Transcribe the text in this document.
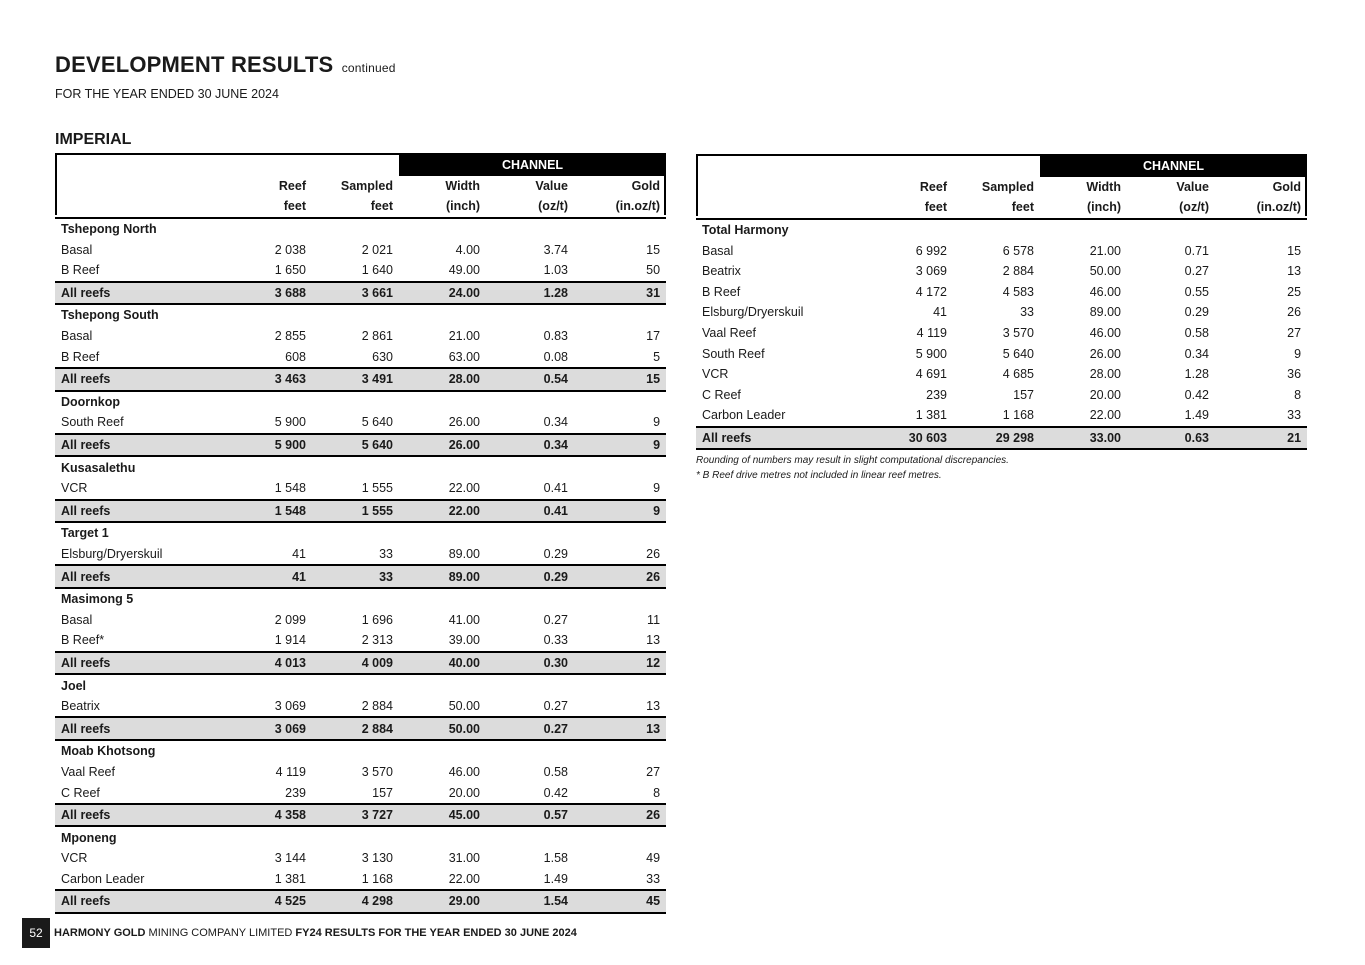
DEVELOPMENT RESULTS continued
FOR THE YEAR ENDED 30 JUNE 2024
IMPERIAL
			CHANNEL		
	Reef	Sampled	Width	Value	Gold
	feet	feet	(inch)	(oz/t)	(in.oz/t)
Tshepong North					
Basal	2 038	2 021	4.00	3.74	15
B Reef	1 650	1 640	49.00	1.03	50
All reefs	3 688	3 661	24.00	1.28	31
Tshepong South					
Basal	2 855	2 861	21.00	0.83	17
B Reef	608	630	63.00	0.08	5
All reefs	3 463	3 491	28.00	0.54	15
Doornkop					
South Reef	5 900	5 640	26.00	0.34	9
All reefs	5 900	5 640	26.00	0.34	9
Kusasalethu					
VCR	1 548	1 555	22.00	0.41	9
All reefs	1 548	1 555	22.00	0.41	9
Target 1					
Elsburg/Dryerskuil	41	33	89.00	0.29	26
All reefs	41	33	89.00	0.29	26
Masimong 5					
Basal	2 099	1 696	41.00	0.27	11
B Reef*	1 914	2 313	39.00	0.33	13
All reefs	4 013	4 009	40.00	0.30	12
Joel					
Beatrix	3 069	2 884	50.00	0.27	13
All reefs	3 069	2 884	50.00	0.27	13
Moab Khotsong					
Vaal Reef	4 119	3 570	46.00	0.58	27
C Reef	239	157	20.00	0.42	8
All reefs	4 358	3 727	45.00	0.57	26
Mponeng					
VCR	3 144	3 130	31.00	1.58	49
Carbon Leader	1 381	1 168	22.00	1.49	33
All reefs	4 525	4 298	29.00	1.54	45
			CHANNEL		
	Reef	Sampled	Width	Value	Gold
	feet	feet	(inch)	(oz/t)	(in.oz/t)
Total Harmony					
Basal	6 992	6 578	21.00	0.71	15
Beatrix	3 069	2 884	50.00	0.27	13
B Reef	4 172	4 583	46.00	0.55	25
Elsburg/Dryerskuil	41	33	89.00	0.29	26
Vaal Reef	4 119	3 570	46.00	0.58	27
South Reef	5 900	5 640	26.00	0.34	9
VCR	4 691	4 685	28.00	1.28	36
C Reef	239	157	20.00	0.42	8
Carbon Leader	1 381	1 168	22.00	1.49	33
All reefs	30 603	29 298	33.00	0.63	21
Rounding of numbers may result in slight computational discrepancies.
* B Reef drive metres not included in linear reef metres.
52	HARMONY GOLD MINING COMPANY LIMITED FY24 RESULTS FOR THE YEAR ENDED 30 JUNE 2024
